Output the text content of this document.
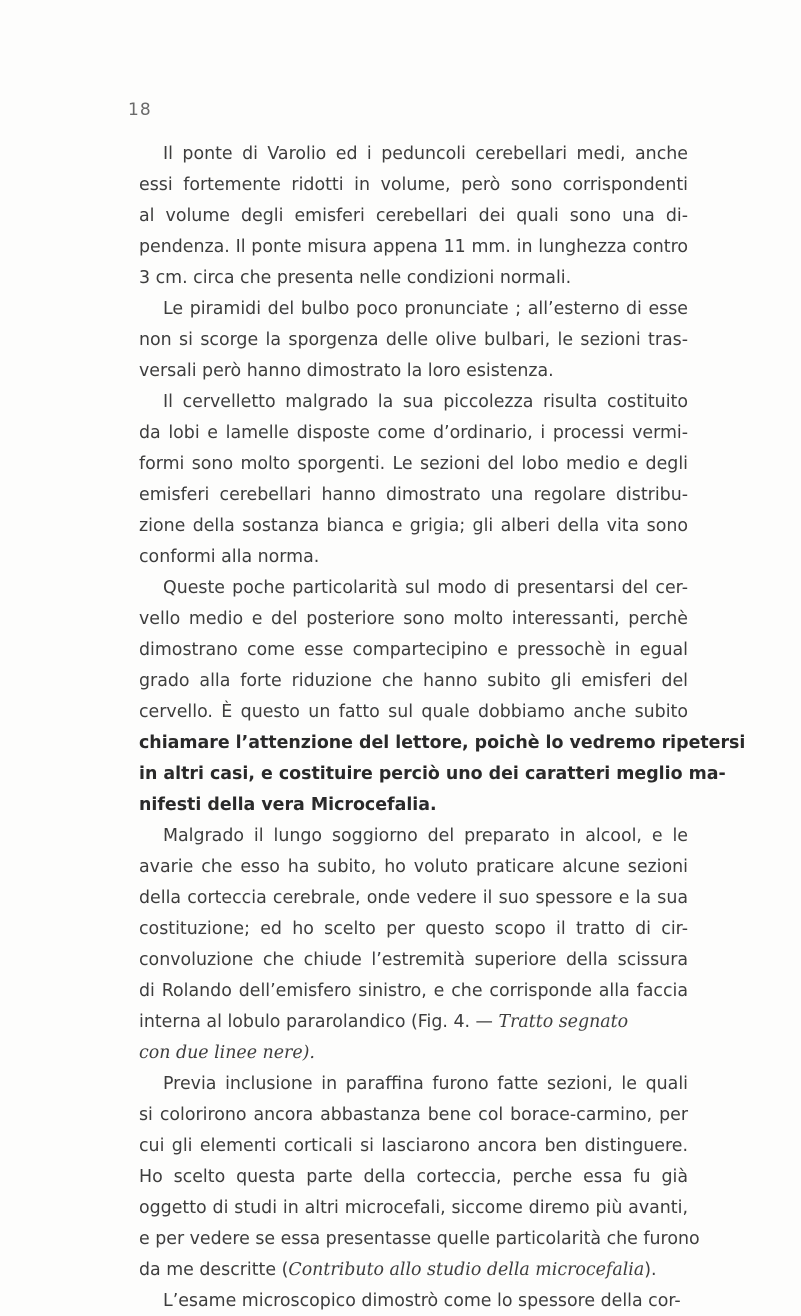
18
Il ponte di Varolio ed i peduncoli cerebellari medi, anche
essi fortemente ridotti in volume, però sono corrispondenti
al volume degli emisferi cerebellari dei quali sono una di-
pendenza. Il ponte misura appena 11 mm. in lunghezza contro
3 cm. circa che presenta nelle condizioni normali.
Le piramidi del bulbo poco pronunciate ; all’esterno di esse
non si scorge la sporgenza delle olive bulbari, le sezioni tras-
versali però hanno dimostrato la loro esistenza.
Il cervelletto malgrado la sua piccolezza risulta costituito
da lobi e lamelle disposte come d’ordinario, i processi vermi-
formi sono molto sporgenti. Le sezioni del lobo medio e degli
emisferi cerebellari hanno dimostrato una regolare distribu-
zione della sostanza bianca e grigia; gli alberi della vita sono
conformi alla norma.
Queste poche particolarità sul modo di presentarsi del cer-
vello medio e del posteriore sono molto interessanti, perchè
dimostrano come esse compartecipino e pressochè in egual
grado alla forte riduzione che hanno subito gli emisferi del
cervello. È questo un fatto sul quale dobbiamo anche subito
chiamare l’attenzione del lettore, poichè lo vedremo ripetersi
in altri casi, e costituire perciò uno dei caratteri meglio ma-
nifesti della vera Microcefalia.
Malgrado il lungo soggiorno del preparato in alcool, e le
avarie che esso ha subito, ho voluto praticare alcune sezioni
della corteccia cerebrale, onde vedere il suo spessore e la sua
costituzione; ed ho scelto per questo scopo il tratto di cir-
convoluzione che chiude l’estremità superiore della scissura
di Rolando dell’emisfero sinistro, e che corrisponde alla faccia
interna al lobulo pararolandico (Fig. 4. — Tratto segnato
con due linee nere).
Previa inclusione in paraffina furono fatte sezioni, le quali
si colorirono ancora abbastanza bene col borace-carmino, per
cui gli elementi corticali si lasciarono ancora ben distinguere.
Ho scelto questa parte della corteccia, perche essa fu già
oggetto di studi in altri microcefali, siccome diremo più avanti,
e per vedere se essa presentasse quelle particolarità che furono
da me descritte (Contributo allo studio della microcefalia).
L’esame microscopico dimostrò come lo spessore della cor-
